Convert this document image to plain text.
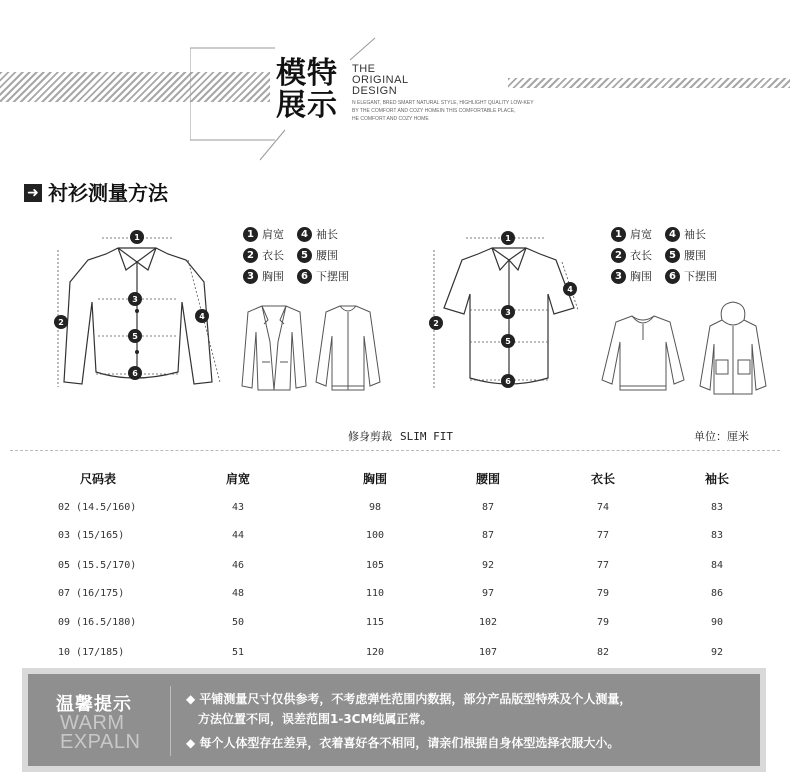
模特
展示
THE
ORIGINAL
DESIGN
N ELEGANT, BRED SMART NATURAL STYLE, HIGHLIGHT QUALITY LOW-KEY
BY THE COMFORT AND COZY HOMEIN THIS COMFORTABLE PLACE,
HE COMFORT AND COZY HOME
➜ 衬衫测量方法
1
2
3
4
5
6
1 肩宽	4 袖长
2 衣长	5 腰围
3 胸围	6 下摆围
1
2
3
4
5
6
1 肩宽	4 袖长
2 衣长	5 腰围
3 胸围	6 下摆围
修身剪裁 SLIM FIT	单位：厘米
尺码表	肩宽	胸围	腰围	衣长	袖长
02 (14.5/160)	43	98	87	74	83
03 (15/165)	44	100	87	77	83
05 (15.5/170)	46	105	92	77	84
07 (16/175)	48	110	97	79	86
09 (16.5/180)	50	115	102	79	90
10 (17/185)	51	120	107	82	92
温馨提示
WARM
EXPALN
◆ 平铺测量尺寸仅供参考，不考虑弹性范围内数据，部分产品版型特殊及个人测量，
方法位置不同，误差范围1-3CM纯属正常。
◆ 每个人体型存在差异，衣着喜好各不相同，请亲们根据自身体型选择衣服大小。
